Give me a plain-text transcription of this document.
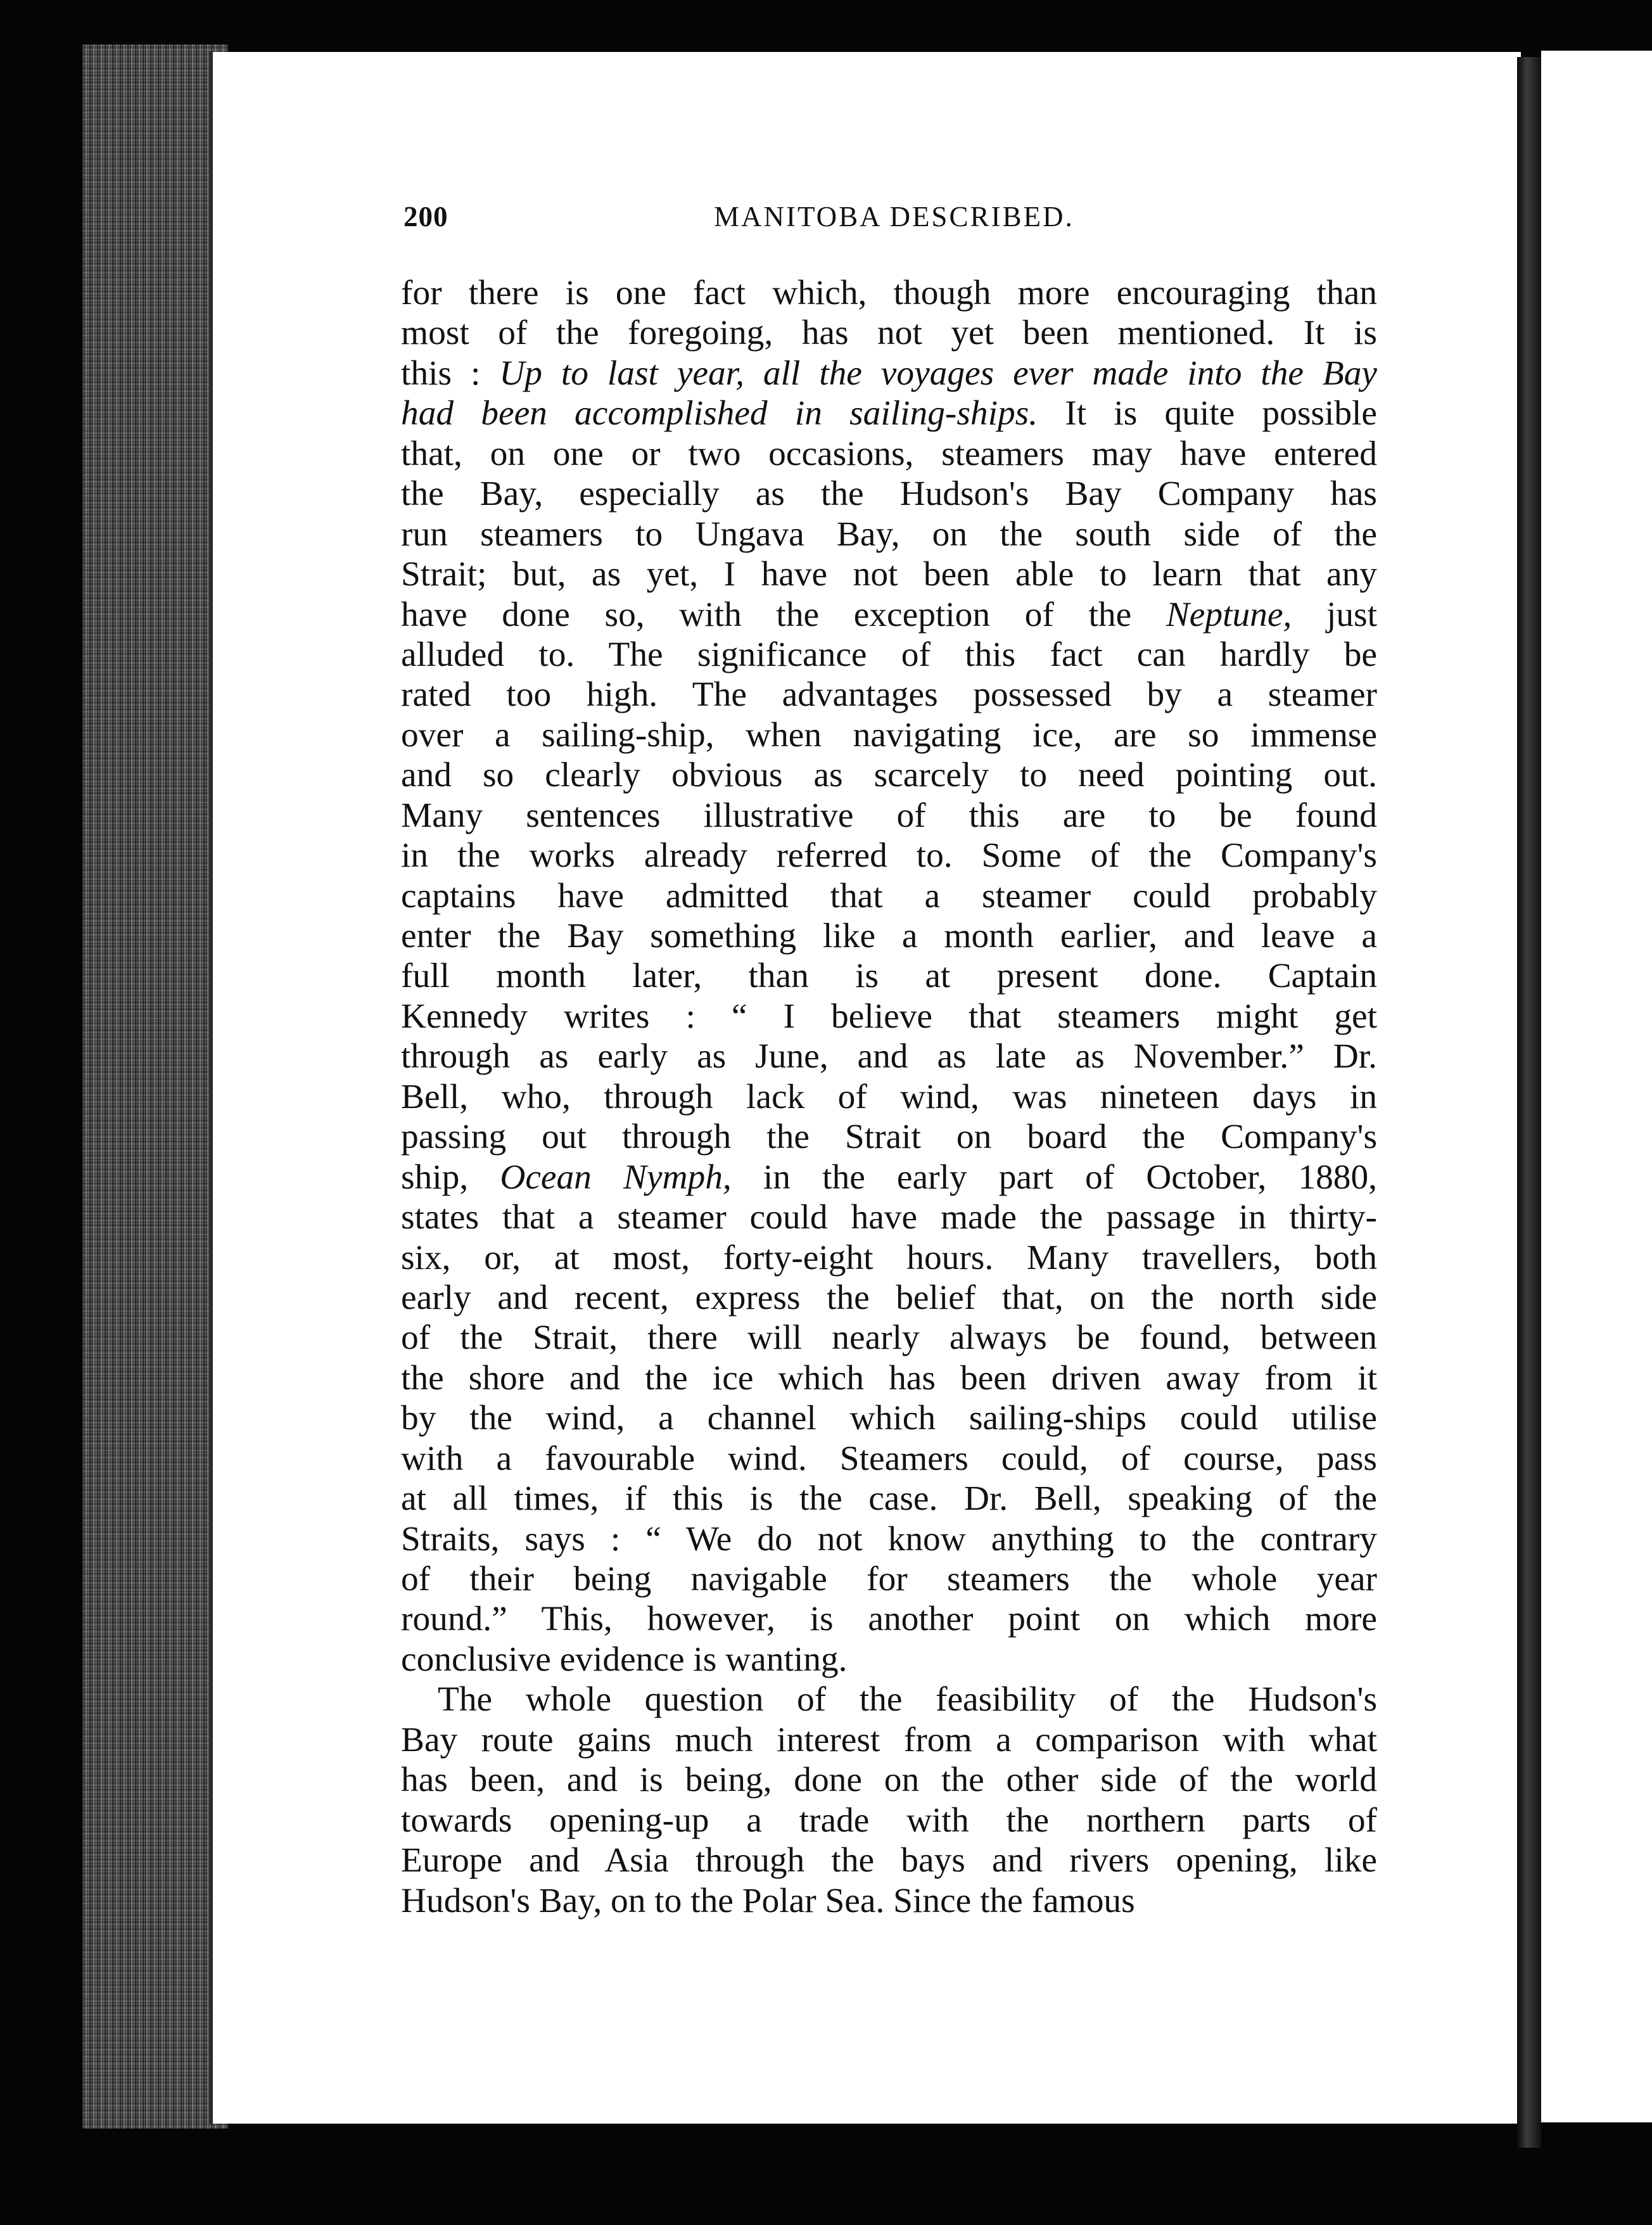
200	MANITOBA DESCRIBED.
for there is one fact which, though more encouraging than
most of the foregoing, has not yet been mentioned. It is
this : Up to last year, all the voyages ever made into the Bay
had been accomplished in sailing-ships. It is quite possible
that, on one or two occasions, steamers may have entered
the Bay, especially as the Hudson's Bay Company has
run steamers to Ungava Bay, on the south side of the
Strait; but, as yet, I have not been able to learn that any
have done so, with the exception of the Neptune, just
alluded to. The significance of this fact can hardly be
rated too high. The advantages possessed by a steamer
over a sailing-ship, when navigating ice, are so immense
and so clearly obvious as scarcely to need pointing out.
Many sentences illustrative of this are to be found
in the works already referred to. Some of the Company's
captains have admitted that a steamer could probably
enter the Bay something like a month earlier, and leave a
full month later, than is at present done. Captain
Kennedy writes : “ I believe that steamers might get
through as early as June, and as late as November.” Dr.
Bell, who, through lack of wind, was nineteen days in
passing out through the Strait on board the Company's
ship, Ocean Nymph, in the early part of October, 1880,
states that a steamer could have made the passage in thirty-
six, or, at most, forty-eight hours. Many travellers, both
early and recent, express the belief that, on the north side
of the Strait, there will nearly always be found, between
the shore and the ice which has been driven away from it
by the wind, a channel which sailing-ships could utilise
with a favourable wind. Steamers could, of course, pass
at all times, if this is the case. Dr. Bell, speaking of the
Straits, says : “ We do not know anything to the contrary
of their being navigable for steamers the whole year
round.” This, however, is another point on which more
conclusive evidence is wanting.
The whole question of the feasibility of the Hudson's
Bay route gains much interest from a comparison with what
has been, and is being, done on the other side of the world
towards opening-up a trade with the northern parts of
Europe and Asia through the bays and rivers opening, like
Hudson's Bay, on to the Polar Sea. Since the famous
